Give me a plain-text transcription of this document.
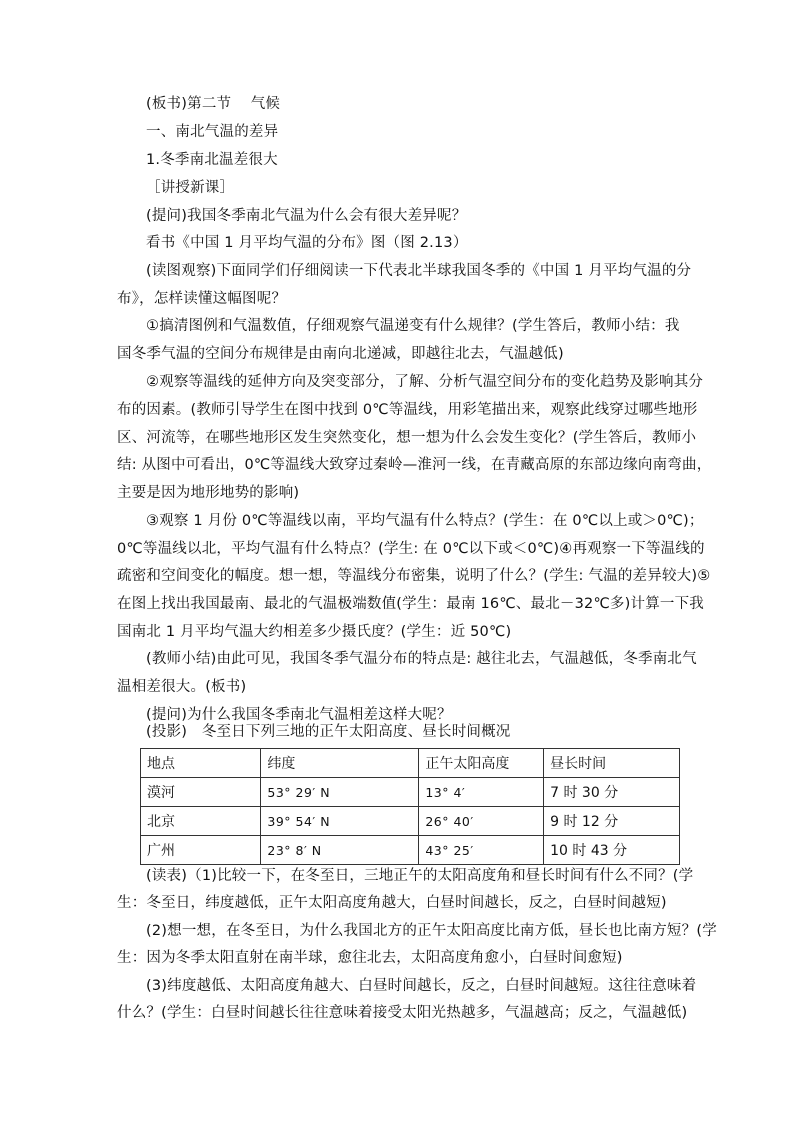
(板书)第二节　 气候
一、南北气温的差异
1.冬季南北温差很大
［讲授新课］
(提问)我国冬季南北气温为什么会有很大差异呢？
看书《中国 1 月平均气温的分布》图（图 2.13）
(读图观察)下面同学们仔细阅读一下代表北半球我国冬季的《中国 1 月平均气温的分
布》，怎样读懂这幅图呢？
①搞清图例和气温数值，仔细观察气温递变有什么规律？(学生答后，教师小结：我
国冬季气温的空间分布规律是由南向北递减，即越往北去，气温越低)
②观察等温线的延伸方向及突变部分，了解、分析气温空间分布的变化趋势及影响其分
布的因素。(教师引导学生在图中找到 0℃等温线，用彩笔描出来，观察此线穿过哪些地形
区、河流等，在哪些地形区发生突然变化，想一想为什么会发生变化？(学生答后，教师小
结: 从图中可看出，0℃等温线大致穿过秦岭—淮河一线，在青藏高原的东部边缘向南弯曲，
主要是因为地形地势的影响)
③观察 1 月份 0℃等温线以南，平均气温有什么特点？(学生：在 0℃以上或＞0℃)；
0℃等温线以北，平均气温有什么特点？(学生: 在 0℃以下或＜0℃)④再观察一下等温线的
疏密和空间变化的幅度。想一想，等温线分布密集，说明了什么？(学生: 气温的差异较大)⑤
在图上找出我国最南、最北的气温极端数值(学生：最南 16℃、最北－32℃多)计算一下我
国南北 1 月平均气温大约相差多少摄氏度？(学生：近 50℃)
(教师小结)由此可见，我国冬季气温分布的特点是: 越往北去，气温越低，冬季南北气
温相差很大。(板书)
(提问)为什么我国冬季南北气温相差这样大呢？
(投影)　冬至日下列三地的正午太阳高度、昼长时间概况
地点	纬度	正午太阳高度	昼长时间
漠河	53° 29′ N	13° 4′	7 时 30 分
北京	39° 54′ N	26° 40′	9 时 12 分
广州	23° 8′ N	43° 25′	10 时 43 分
(读表)（1)比较一下，在冬至日，三地正午的太阳高度角和昼长时间有什么不同？(学
生：冬至日，纬度越低，正午太阳高度角越大，白昼时间越长，反之，白昼时间越短)
(2)想一想，在冬至日，为什么我国北方的正午太阳高度比南方低，昼长也比南方短？(学
生：因为冬季太阳直射在南半球，愈往北去，太阳高度角愈小，白昼时间愈短)
(3)纬度越低、太阳高度角越大、白昼时间越长，反之，白昼时间越短。这往往意味着
什么？(学生：白昼时间越长往往意味着接受太阳光热越多，气温越高；反之，气温越低)
